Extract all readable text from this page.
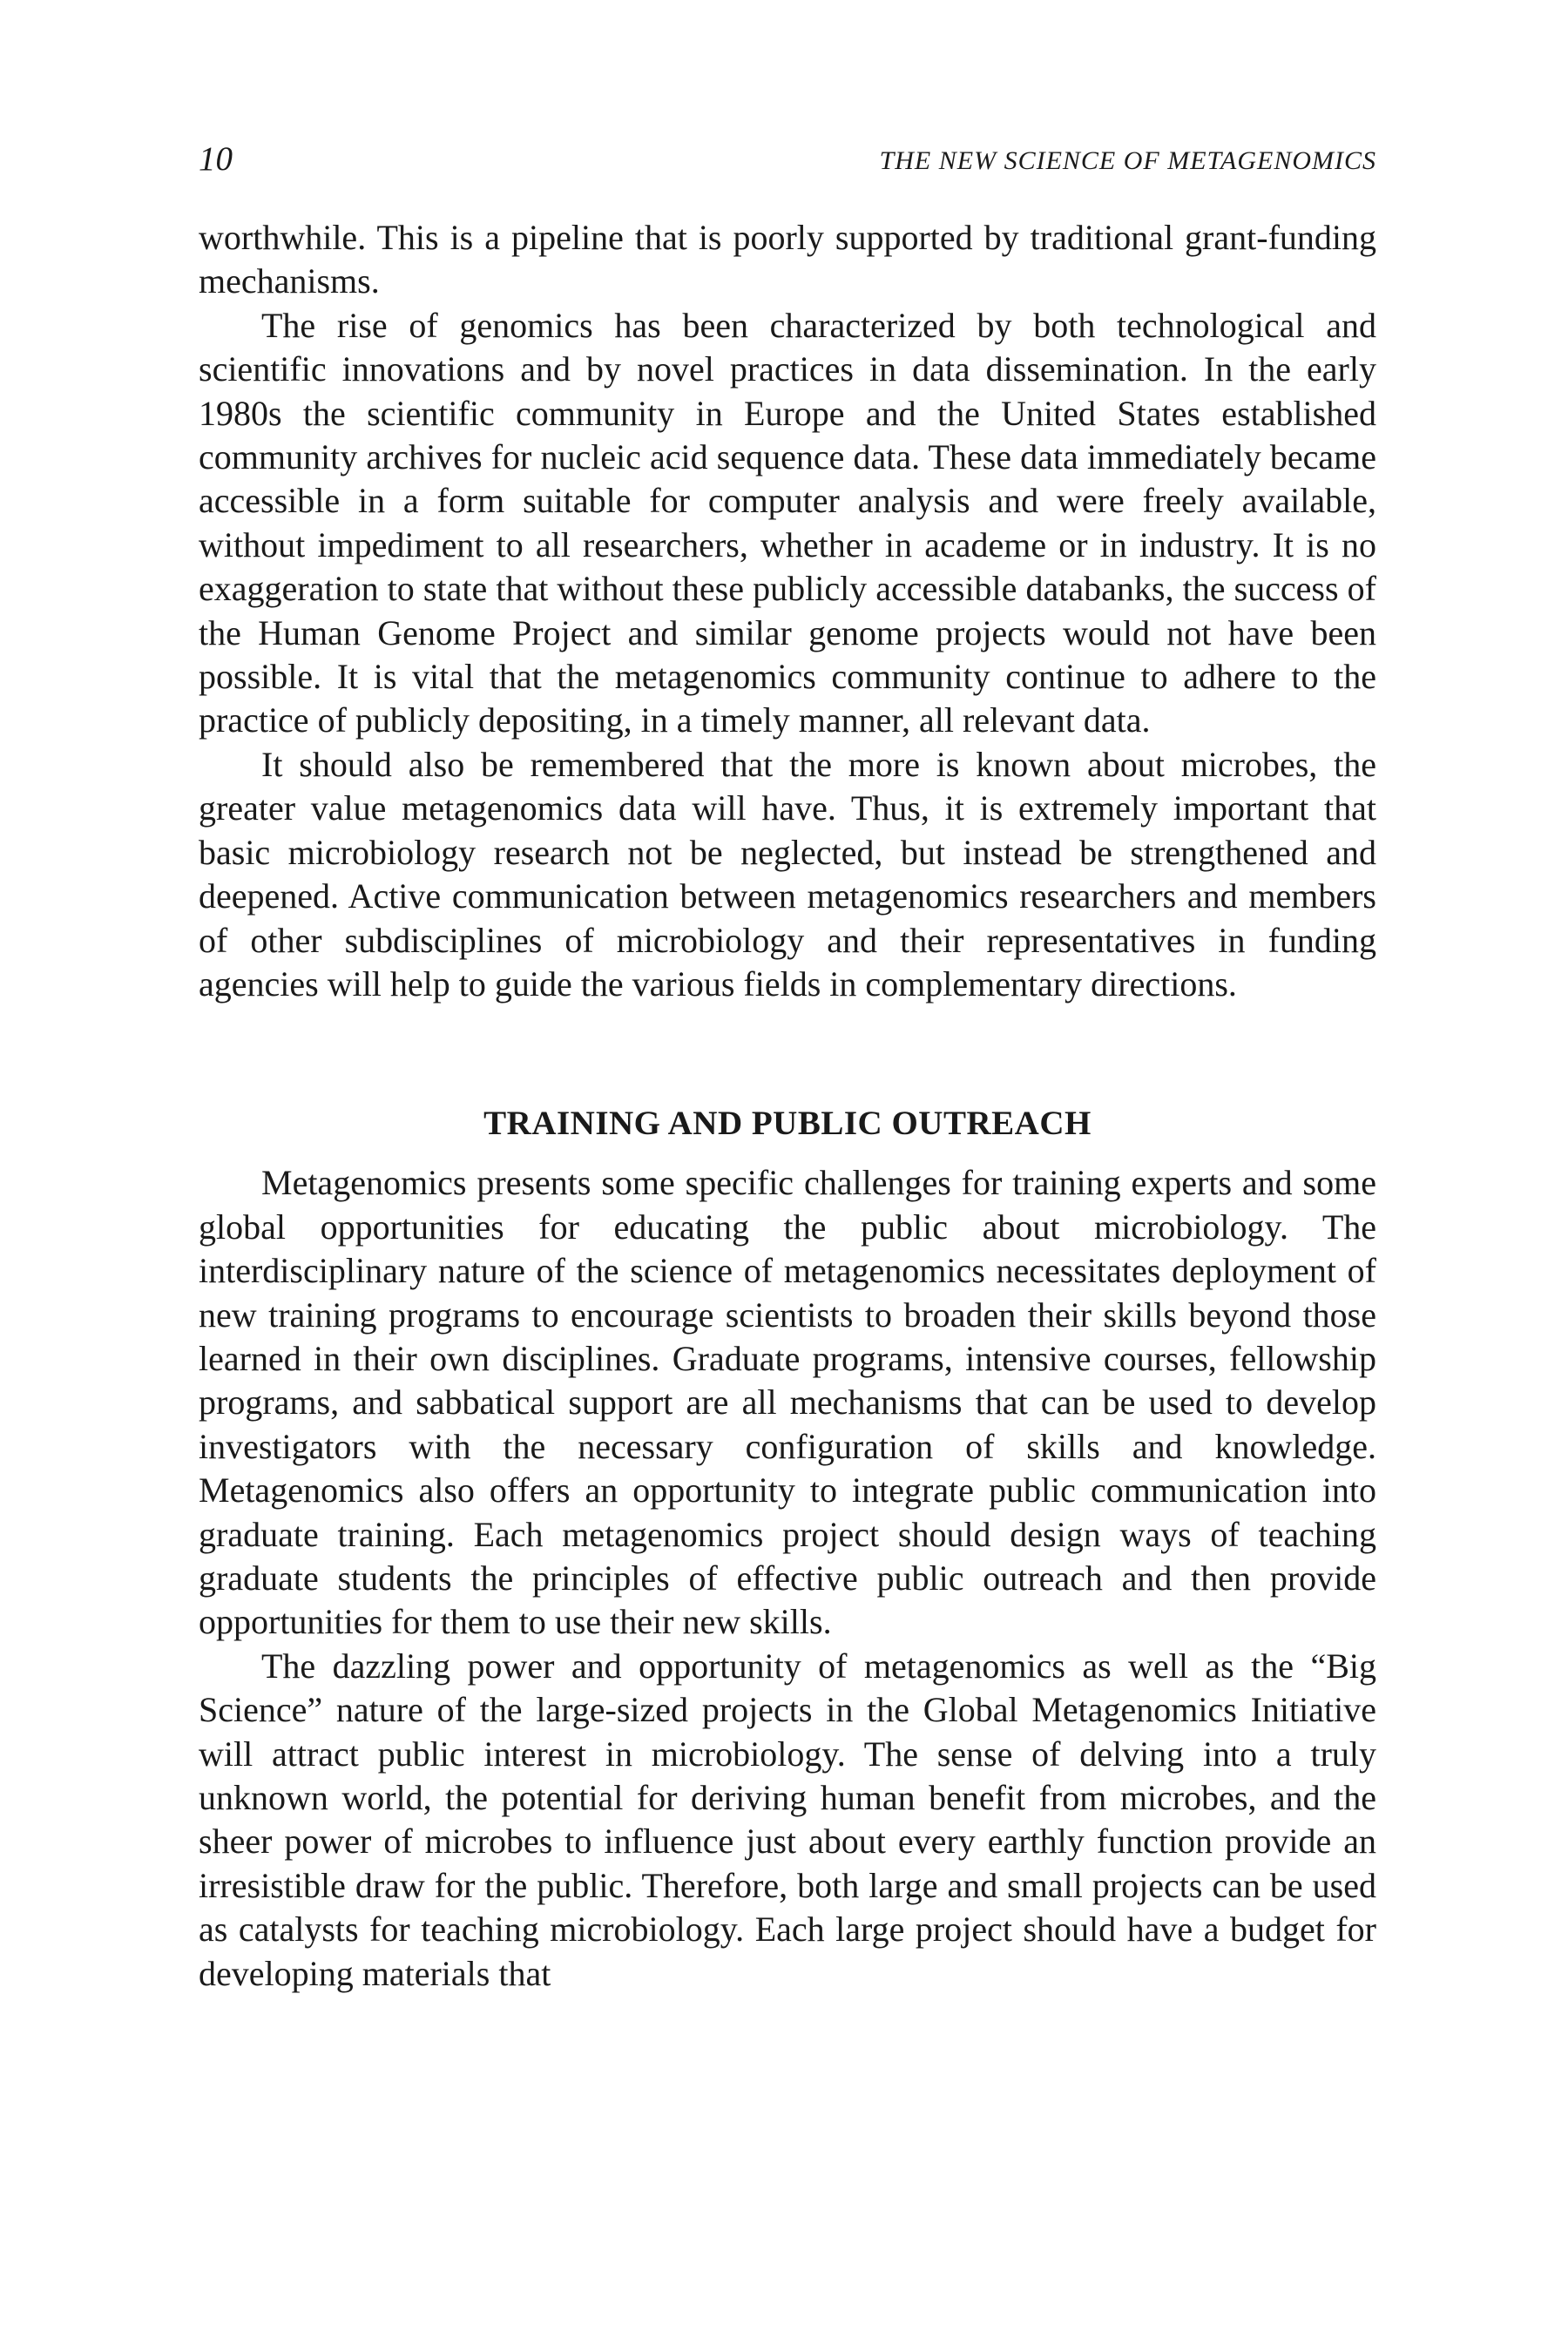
10	THE NEW SCIENCE OF METAGENOMICS

worthwhile. This is a pipeline that is poorly supported by traditional grant-funding mechanisms.

The rise of genomics has been characterized by both technological and scientific innovations and by novel practices in data dissemination. In the early 1980s the scientific community in Europe and the United States established community archives for nucleic acid sequence data. These data immediately became accessible in a form suitable for computer analysis and were freely available, without impediment to all researchers, whether in academe or in industry. It is no exaggeration to state that without these publicly accessible databanks, the success of the Human Genome Project and similar genome projects would not have been possible. It is vital that the metagenomics community continue to adhere to the practice of publicly depositing, in a timely manner, all relevant data.

It should also be remembered that the more is known about microbes, the greater value metagenomics data will have. Thus, it is extremely important that basic microbiology research not be neglected, but instead be strengthened and deepened. Active communication between metagenomics researchers and members of other subdisciplines of microbiology and their representatives in funding agencies will help to guide the various fields in complementary directions.

TRAINING AND PUBLIC OUTREACH

Metagenomics presents some specific challenges for training experts and some global opportunities for educating the public about microbiology. The interdisciplinary nature of the science of metagenomics necessitates deployment of new training programs to encourage scientists to broaden their skills beyond those learned in their own disciplines. Graduate programs, intensive courses, fellowship programs, and sabbatical support are all mechanisms that can be used to develop investigators with the necessary configuration of skills and knowledge. Metagenomics also offers an opportunity to integrate public communication into graduate training. Each metagenomics project should design ways of teaching graduate students the principles of effective public outreach and then provide opportunities for them to use their new skills.

The dazzling power and opportunity of metagenomics as well as the “Big Science” nature of the large-sized projects in the Global Metagenomics Initiative will attract public interest in microbiology. The sense of delving into a truly unknown world, the potential for deriving human benefit from microbes, and the sheer power of microbes to influence just about every earthly function provide an irresistible draw for the public. Therefore, both large and small projects can be used as catalysts for teaching microbiology. Each large project should have a budget for developing materials that
